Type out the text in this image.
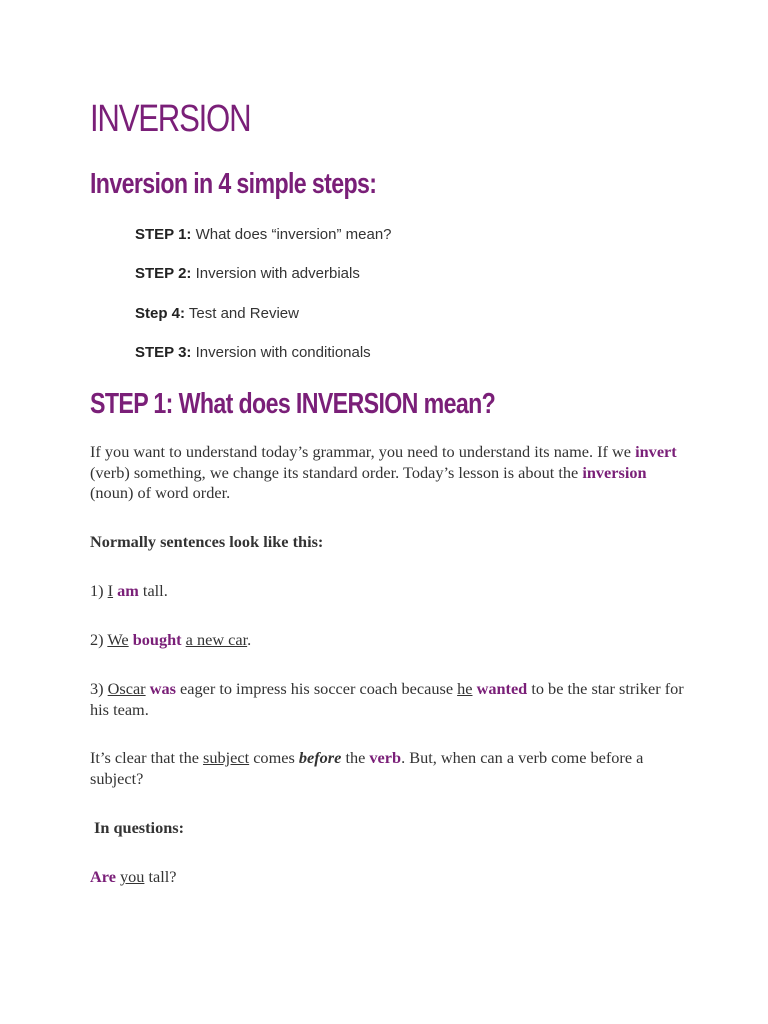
INVERSION
Inversion in 4 simple steps:
STEP 1: What does “inversion” mean?
STEP 2: Inversion with adverbials
Step 4: Test and Review
STEP 3: Inversion with conditionals
STEP 1: What does INVERSION mean?

If you want to understand today’s grammar, you need to understand its name. If we invert (verb) something, we change its standard order. Today’s lesson is about the inversion (noun) of word order.

Normally sentences look like this:

1) I am tall.

2) We bought a new car.

3) Oscar was eager to impress his soccer coach because he wanted to be the star striker for his team.

It’s clear that the subject comes before the verb. But, when can a verb come before a subject?

In questions:

Are you tall?
